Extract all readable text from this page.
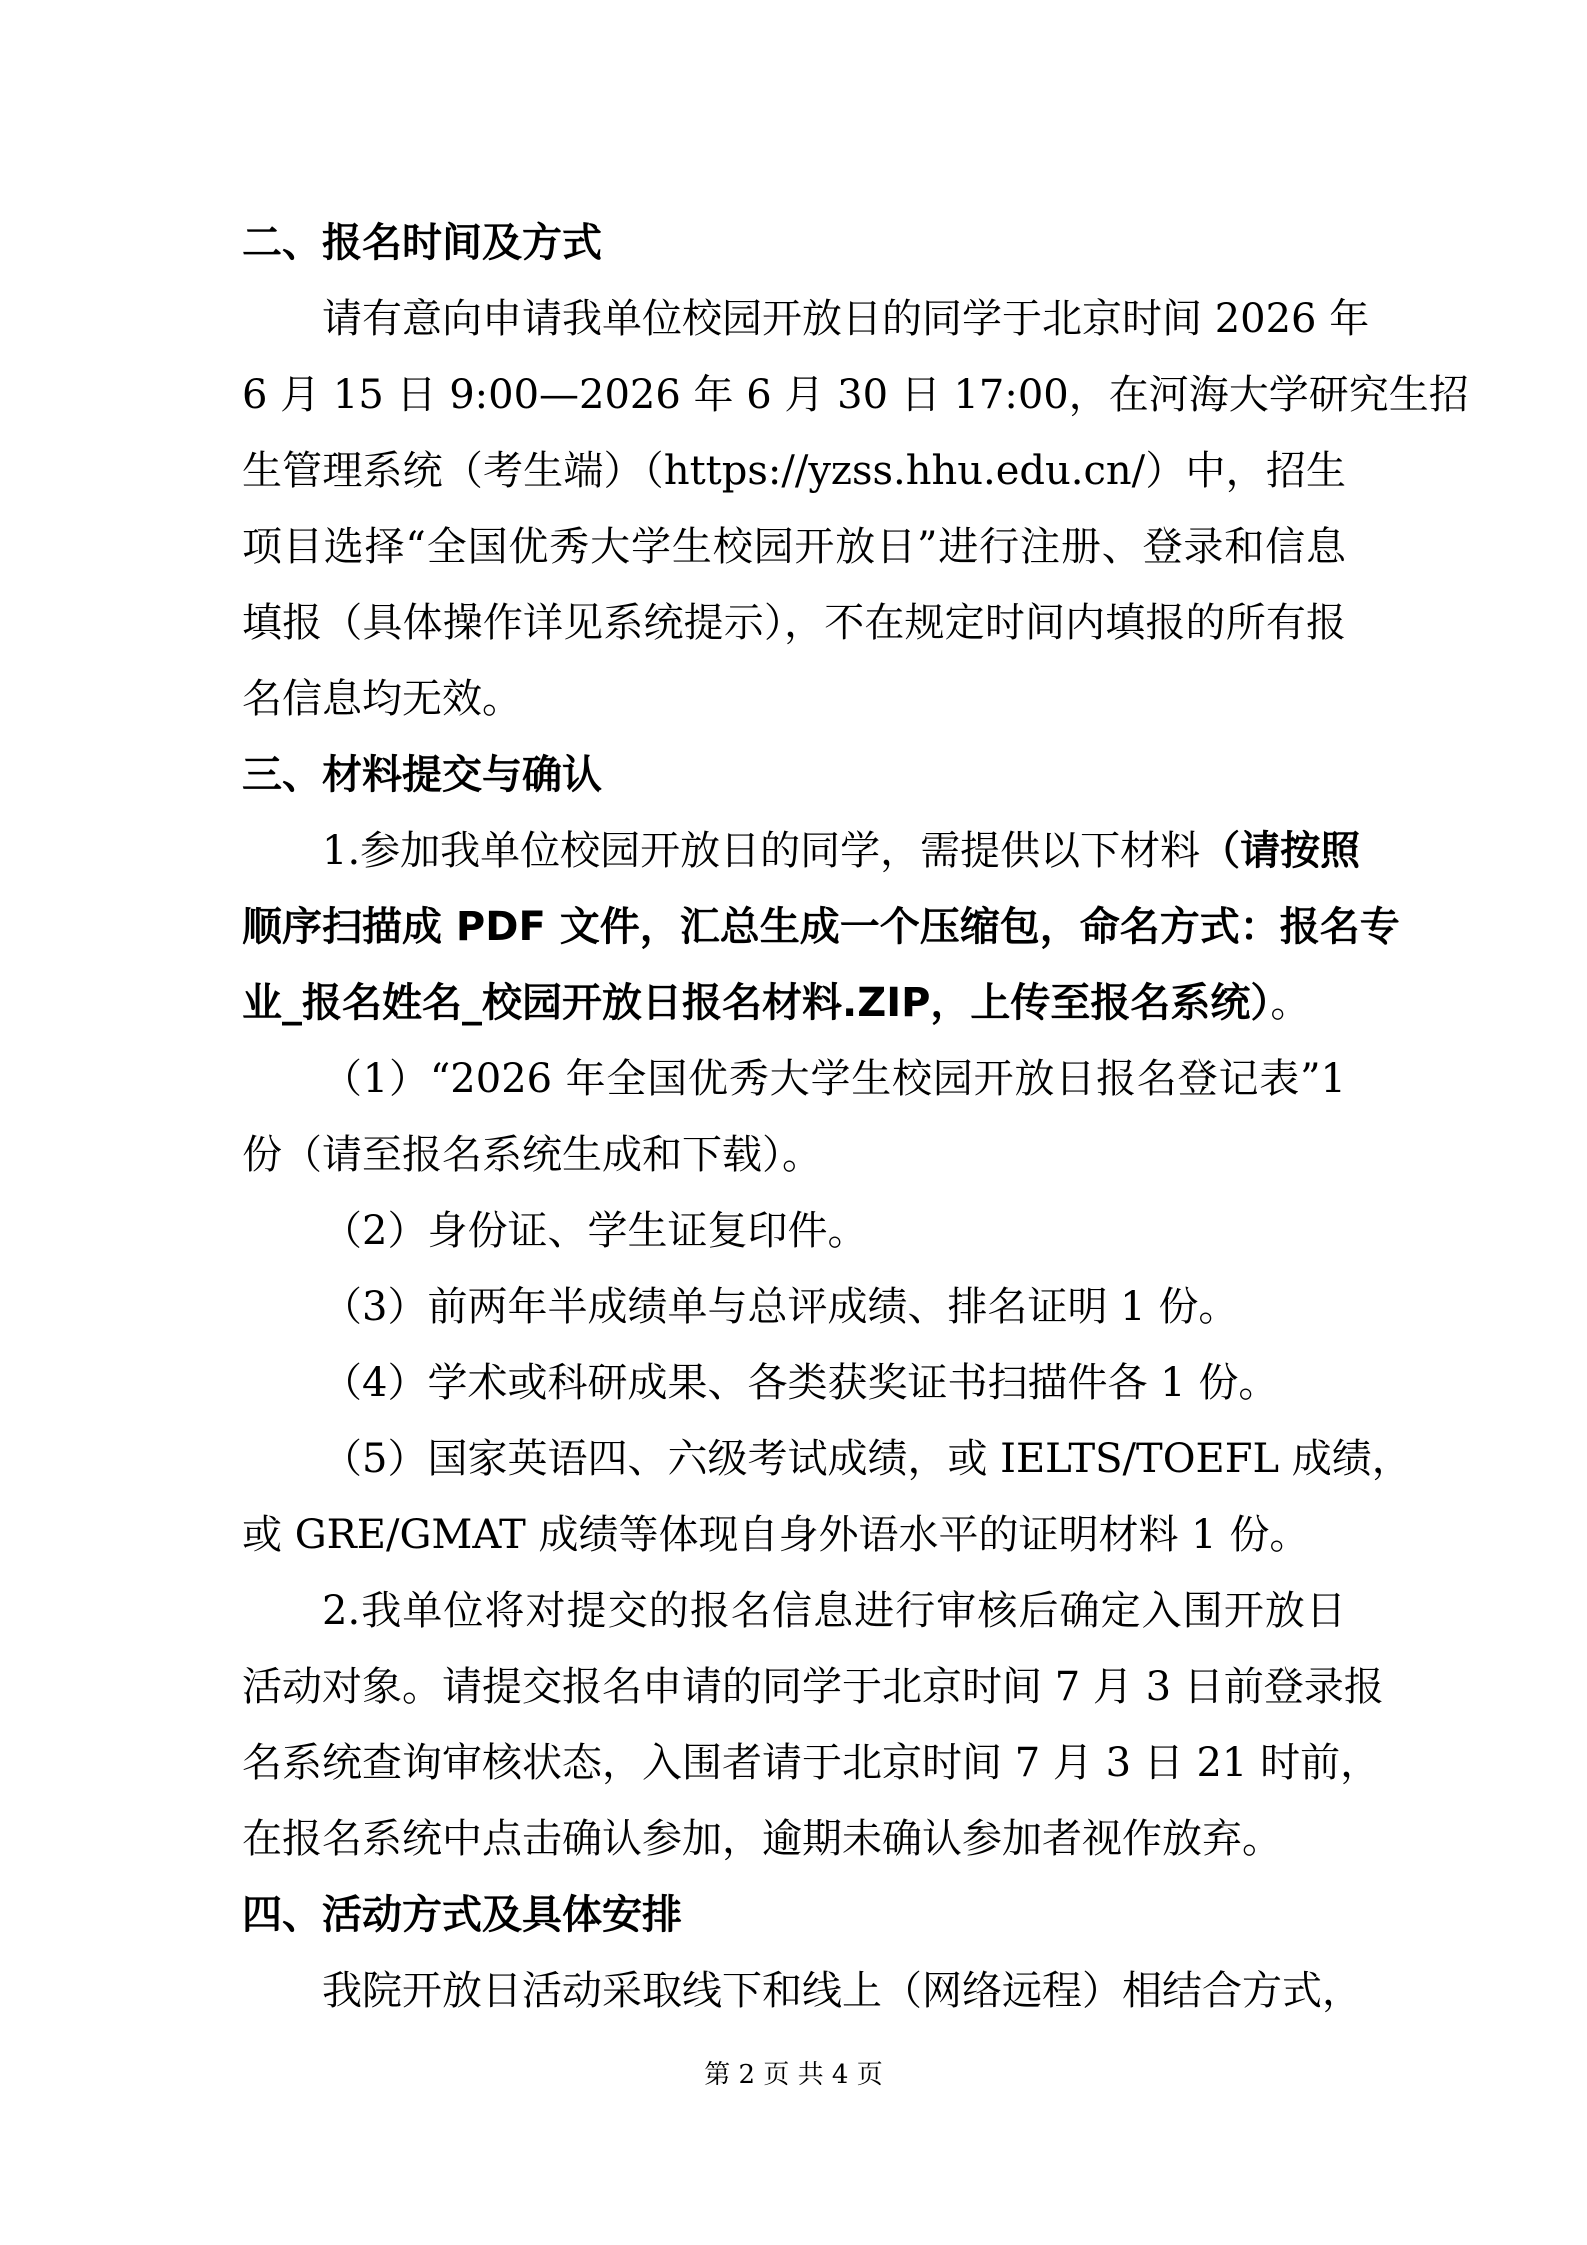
二、报名时间及方式
请有意向申请我单位校园开放日的同学于北京时间 2026 年
6 月 15 日 9:00—2026 年 6 月 30 日 17:00，在河海大学研究生招
生管理系统（考生端）（https://yzss.hhu.edu.cn/）中，招生
项目选择“全国优秀大学生校园开放日”进行注册、登录和信息
填报（具体操作详见系统提示），不在规定时间内填报的所有报
名信息均无效。
三、材料提交与确认
1.参加我单位校园开放日的同学，需提供以下材料（请按照
顺序扫描成 PDF 文件，汇总生成一个压缩包，命名方式：报名专
业_报名姓名_校园开放日报名材料.ZIP，上传至报名系统）。
（1）“2026 年全国优秀大学生校园开放日报名登记表”1
份（请至报名系统生成和下载）。
（2）身份证、学生证复印件。
（3）前两年半成绩单与总评成绩、排名证明 1 份。
（4）学术或科研成果、各类获奖证书扫描件各 1 份。
（5）国家英语四、六级考试成绩，或 IELTS/TOEFL 成绩，
或 GRE/GMAT 成绩等体现自身外语水平的证明材料 1 份。
2.我单位将对提交的报名信息进行审核后确定入围开放日
活动对象。请提交报名申请的同学于北京时间 7 月 3 日前登录报
名系统查询审核状态，入围者请于北京时间 7 月 3 日 21 时前，
在报名系统中点击确认参加，逾期未确认参加者视作放弃。
四、活动方式及具体安排
我院开放日活动采取线下和线上（网络远程）相结合方式，
第 2 页 共 4 页
